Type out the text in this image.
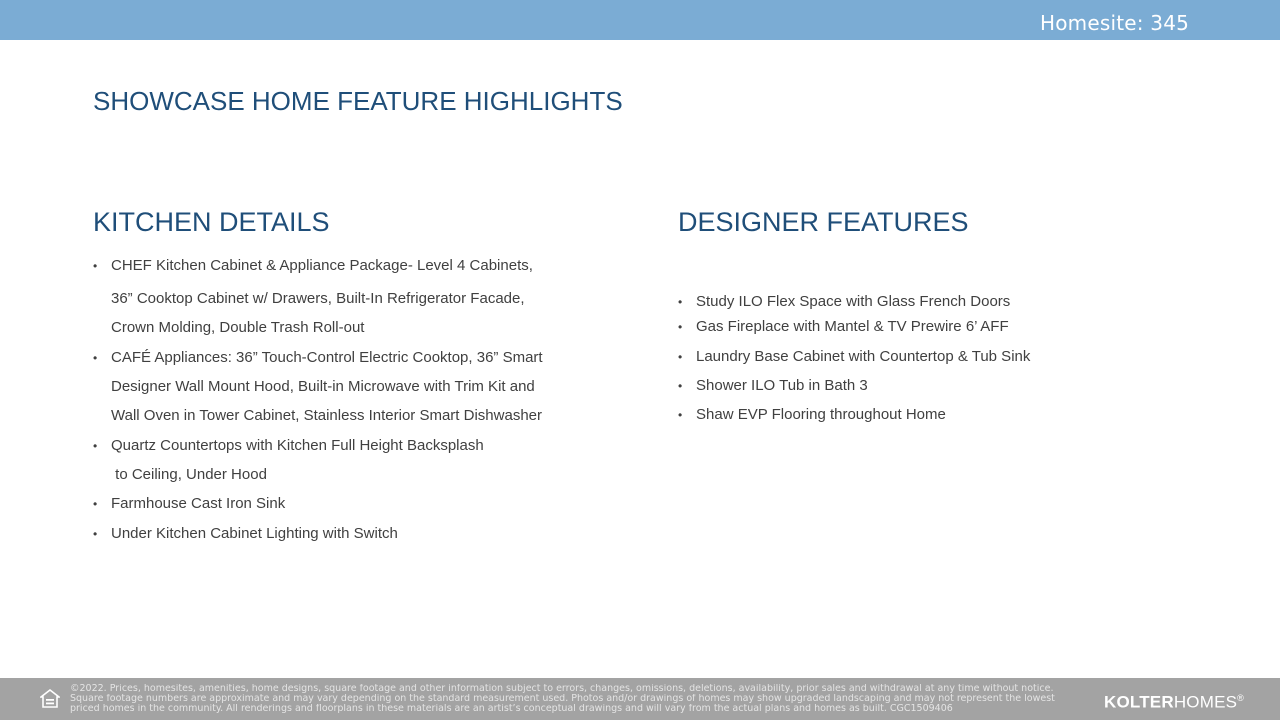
Homesite: 345
SHOWCASE HOME FEATURE HIGHLIGHTS
KITCHEN DETAILS
• CHEF Kitchen Cabinet & Appliance Package- Level 4 Cabinets,
36” Cooktop Cabinet w/ Drawers, Built-In Refrigerator Facade,
Crown Molding, Double Trash Roll-out
• CAFÉ Appliances: 36” Touch-Control Electric Cooktop, 36” Smart
Designer Wall Mount Hood, Built-in Microwave with Trim Kit and
Wall Oven in Tower Cabinet, Stainless Interior Smart Dishwasher
• Quartz Countertops with Kitchen Full Height Backsplash
to Ceiling, Under Hood
• Farmhouse Cast Iron Sink
• Under Kitchen Cabinet Lighting with Switch
DESIGNER FEATURES
• Study ILO Flex Space with Glass French Doors
• Gas Fireplace with Mantel & TV Prewire 6’ AFF
• Laundry Base Cabinet with Countertop & Tub Sink
• Shower ILO Tub in Bath 3
• Shaw EVP Flooring throughout Home
©2022. Prices, homesites, amenities, home designs, square footage and other information subject to errors, changes, omissions, deletions, availability, prior sales and withdrawal at any time without notice.
Square footage numbers are approximate and may vary depending on the standard measurement used. Photos and/or drawings of homes may show upgraded landscaping and may not represent the lowest
priced homes in the community. All renderings and floorplans in these materials are an artist’s conceptual drawings and will vary from the actual plans and homes as built. CGC1509406	KOLTERHOMES®
